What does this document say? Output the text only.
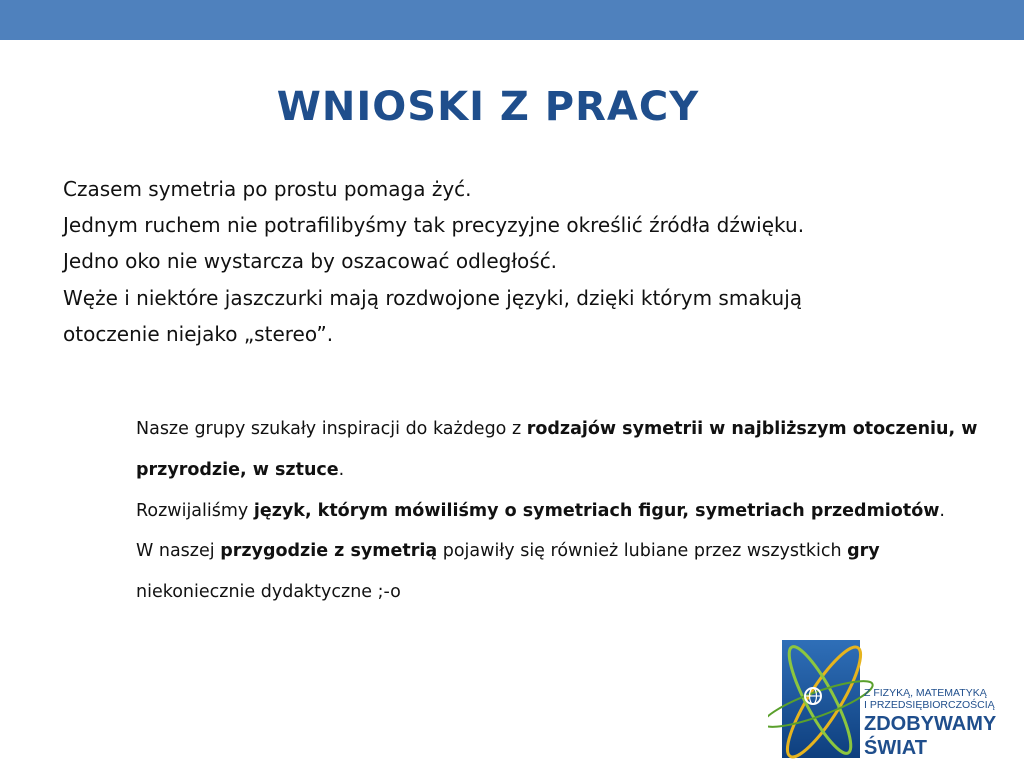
WNIOSKI Z PRACY
Czasem symetria po prostu pomaga żyć.
Jednym ruchem nie potrafilibyśmy tak precyzyjne określić źródła dźwięku.
Jedno oko nie wystarcza by oszacować odległość.
Węże i niektóre jaszczurki mają rozdwojone języki, dzięki którym smakują
otoczenie niejako „stereo”.

Nasze grupy szukały inspiracji do każdego z rodzajów symetrii w najbliższym otoczeniu, w przyrodzie, w sztuce.

Rozwijaliśmy język, którym mówiliśmy o symetriach figur, symetriach przedmiotów.

W naszej przygodzie z symetrią pojawiły się również lubiane przez wszystkich gry niekoniecznie dydaktyczne ;-o

Z FIZYKĄ, MATEMATYKĄ
I PRZEDSIĘBIORCZOŚCIĄ
ZDOBYWAMY
ŚWIAT
